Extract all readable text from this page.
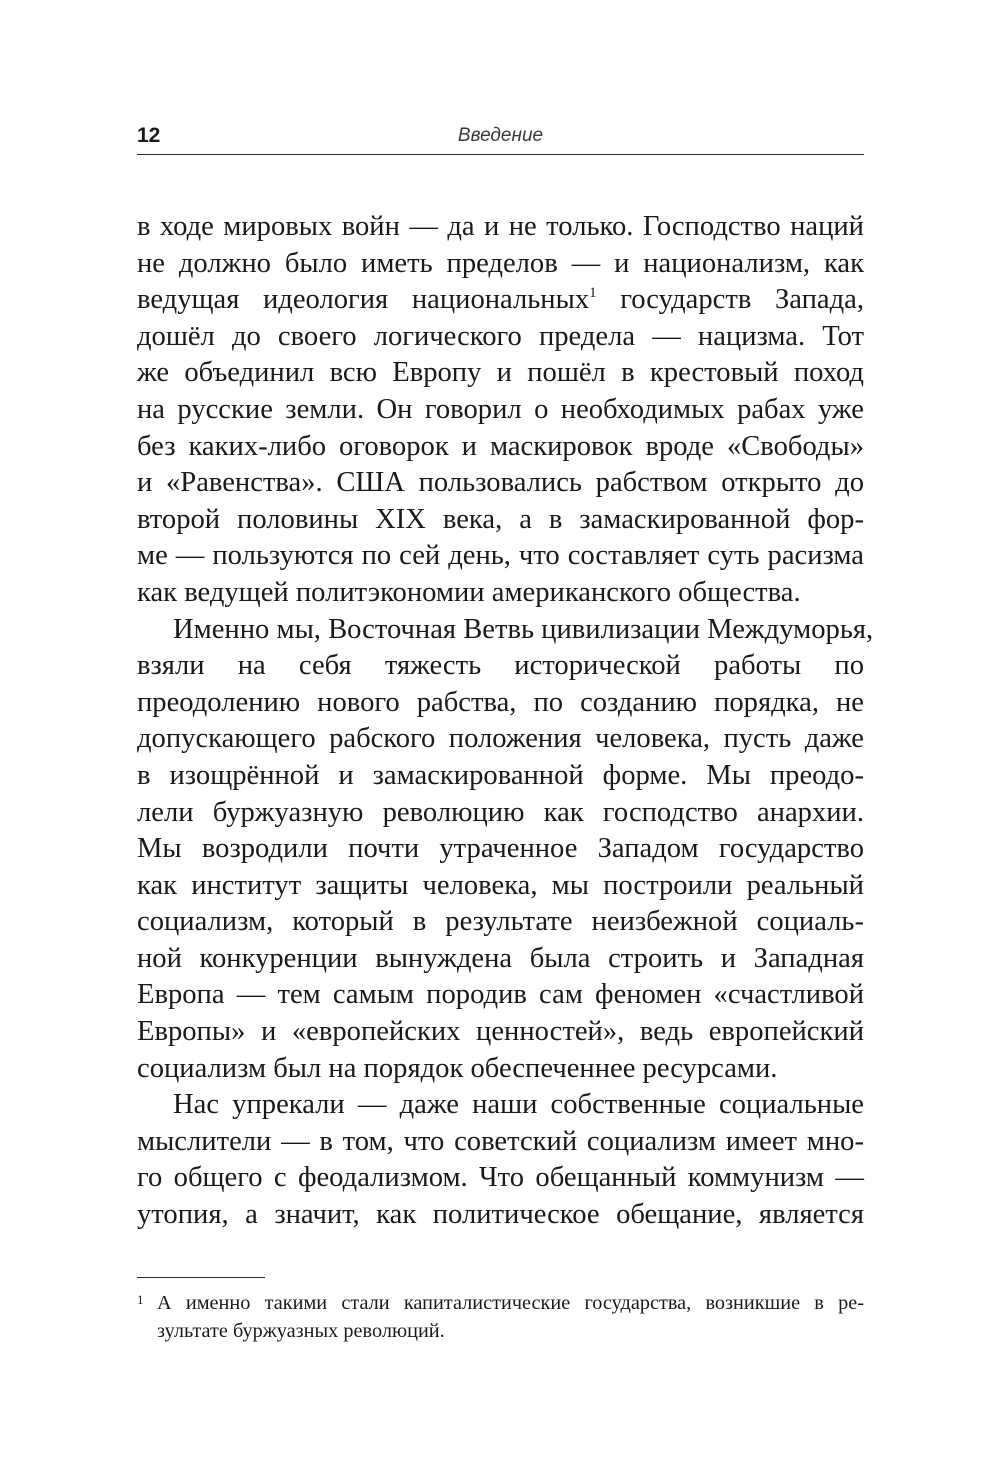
12	Введение
в ходе мировых войн — да и не только. Господство наций
не должно было иметь пределов — и национализм, как
ведущая идеология национальных$^1$ государств Запада,
дошёл до своего логического предела — нацизма. Тот
же объединил всю Европу и пошёл в крестовый поход
на русские земли. Он говорил о необходимых рабах уже
без каких-либо оговорок и маскировок вроде «Свободы»
и «Равенства». США пользовались рабством открыто до
второй половины XIX века, а в замаскированной фор-
ме — пользуются по сей день, что составляет суть расизма
как ведущей политэкономии американского общества.
Именно мы, Восточная Ветвь цивилизации Междуморья,
взяли на себя тяжесть исторической работы по
преодолению нового рабства, по созданию порядка, не
допускающего рабского положения человека, пусть даже
в изощрённой и замаскированной форме. Мы преодо-
лели буржуазную революцию как господство анархии.
Мы возродили почти утраченное Западом государство
как институт защиты человека, мы построили реальный
социализм, который в результате неизбежной социаль-
ной конкуренции вынуждена была строить и Западная
Европа — тем самым породив сам феномен «счастливой
Европы» и «европейских ценностей», ведь европейский
социализм был на порядок обеспеченнее ресурсами.
Нас упрекали — даже наши собственные социальные
мыслители — в том, что советский социализм имеет мно-
го общего с феодализмом. Что обещанный коммунизм —
утопия, а значит, как политическое обещание, является
1 А именно такими стали капиталистические государства, возникшие в ре-
зультате буржуазных революций.
